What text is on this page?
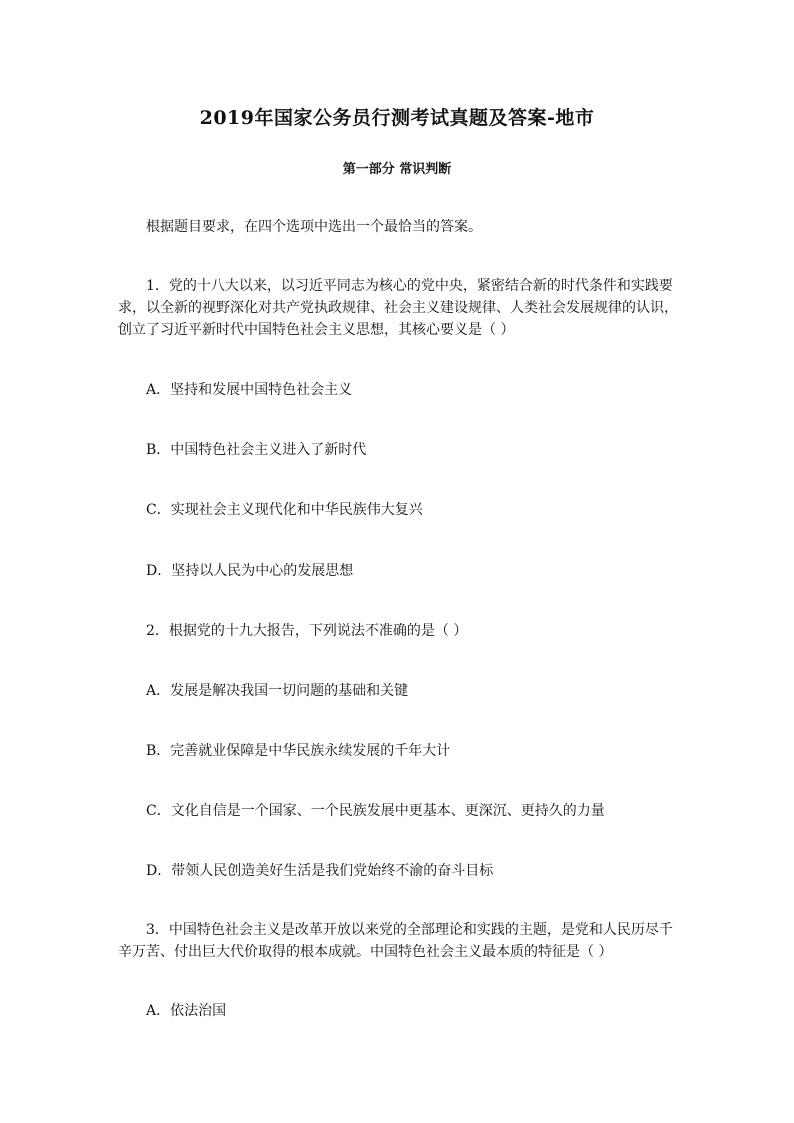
2019年国家公务员行测考试真题及答案-地市
第一部分 常识判断

根据题目要求，在四个选项中选出一个最恰当的答案。

1．党的十八大以来，以习近平同志为核心的党中央，紧密结合新的时代条件和实践要求，以全新的视野深化对共产党执政规律、社会主义建设规律、人类社会发展规律的认识，创立了习近平新时代中国特色社会主义思想，其核心要义是（ ）

A．坚持和发展中国特色社会主义
B．中国特色社会主义进入了新时代
C．实现社会主义现代化和中华民族伟大复兴
D．坚持以人民为中心的发展思想
2．根据党的十九大报告，下列说法不准确的是（ ）
A．发展是解决我国一切问题的基础和关键
B．完善就业保障是中华民族永续发展的千年大计
C．文化自信是一个国家、一个民族发展中更基本、更深沉、更持久的力量
D．带领人民创造美好生活是我们党始终不渝的奋斗目标

3．中国特色社会主义是改革开放以来党的全部理论和实践的主题，是党和人民历尽千辛万苦、付出巨大代价取得的根本成就。中国特色社会主义最本质的特征是（ ）

A．依法治国
